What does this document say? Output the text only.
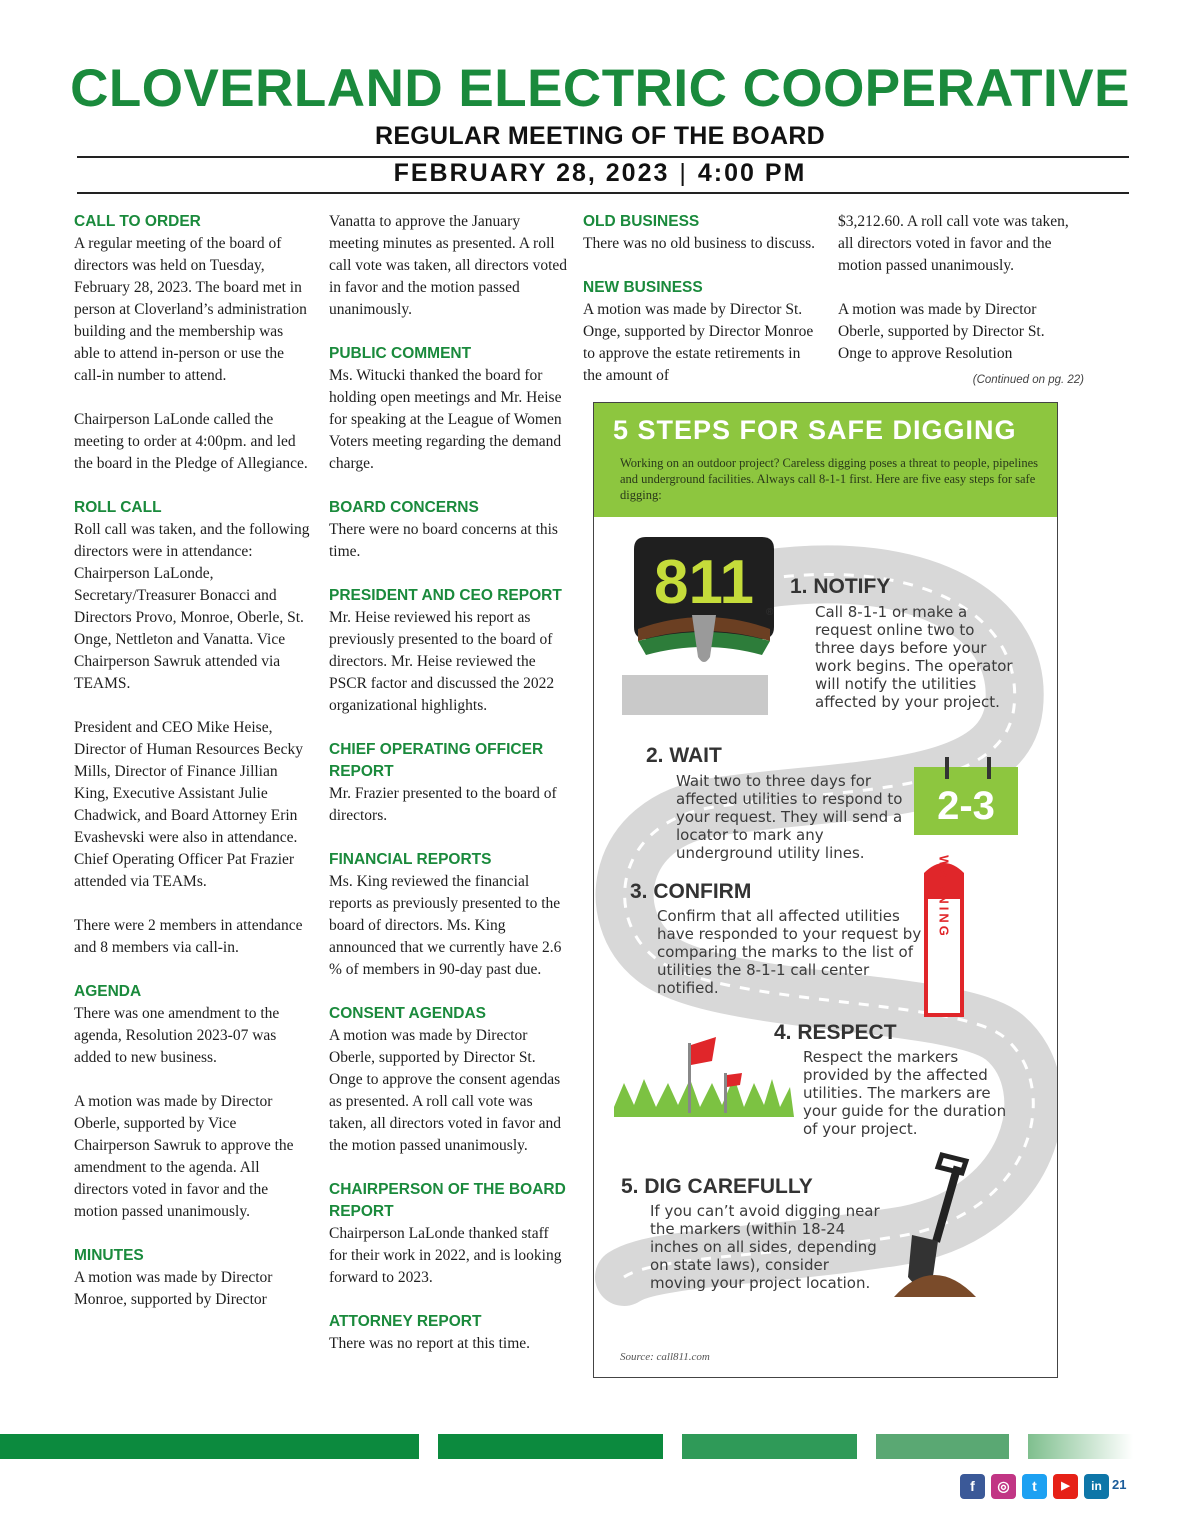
CLOVERLAND ELECTRIC COOPERATIVE
REGULAR MEETING OF THE BOARD
FEBRUARY 28, 2023 | 4:00 PM
CALL TO ORDER

A regular meeting of the board of directors was held on Tuesday, February 28, 2023. The board met in person at Cloverland’s administration building and the membership was able to attend in-person or use the call-in number to attend.

Chairperson LaLonde called the meeting to order at 4:00pm. and led the board in the Pledge of Allegiance.

ROLL CALL

Roll call was taken, and the following directors were in attendance: Chairperson LaLonde, Secretary/Treasurer Bonacci and Directors Provo, Monroe, Oberle, St. Onge, Nettleton and Vanatta. Vice Chairperson Sawruk attended via TEAMS.

President and CEO Mike Heise, Director of Human Resources Becky Mills, Director of Finance Jillian King, Executive Assistant Julie Chadwick, and Board Attorney Erin Evashevski were also in attendance. Chief Operating Officer Pat Frazier attended via TEAMs.

There were 2 members in attendance and 8 members via call-in.

AGENDA

There was one amendment to the agenda, Resolution 2023-07 was added to new business.

A motion was made by Director Oberle, supported by Vice Chairperson Sawruk to approve the amendment to the agenda. All directors voted in favor and the motion passed unanimously.

MINUTES

A motion was made by Director Monroe, supported by Director

Vanatta to approve the January meeting minutes as presented. A roll call vote was taken, all directors voted in favor and the motion passed unanimously.

PUBLIC COMMENT

Ms. Witucki thanked the board for holding open meetings and Mr. Heise for speaking at the League of Women Voters meeting regarding the demand charge.

BOARD CONCERNS

There were no board concerns at this time.

PRESIDENT AND CEO REPORT

Mr. Heise reviewed his report as previously presented to the board of directors. Mr. Heise reviewed the PSCR factor and discussed the 2022 organizational highlights.

CHIEF OPERATING OFFICER REPORT

Mr. Frazier presented to the board of directors.

FINANCIAL REPORTS

Ms. King reviewed the financial reports as previously presented to the board of directors. Ms. King announced that we currently have 2.6 % of members in 90-day past due.

CONSENT AGENDAS

A motion was made by Director Oberle, supported by Director St. Onge to approve the consent agendas as presented. A roll call vote was taken, all directors voted in favor and the motion passed unanimously.

CHAIRPERSON OF THE BOARD REPORT

Chairperson LaLonde thanked staff for their work in 2022, and is looking forward to 2023.

ATTORNEY REPORT

There was no report at this time.

OLD BUSINESS

There was no old business to discuss.

NEW BUSINESS

A motion was made by Director St. Onge, supported by Director Monroe to approve the estate retirements in the amount of

$3,212.60. A roll call vote was taken, all directors voted in favor and the motion passed unanimously.

A motion was made by Director Oberle, supported by Director St. Onge to approve Resolution

(Continued on pg. 22)
5 STEPS FOR SAFE DIGGING
Working on an outdoor project? Careless digging poses a threat to people, pipelines and underground facilities. Always call 8-1-1 first. Here are five easy steps for safe digging:
811 ®
2-3
WARNING
1. NOTIFY
Call 8-1-1 or make a request online two to three days before your work begins. The operator will notify the utilities affected by your project.
2. WAIT
Wait two to three days for affected utilities to respond to your request. They will send a locator to mark any underground utility lines.
3. CONFIRM
Confirm that all affected utilities have responded to your request by comparing the marks to the list of utilities the 8-1-1 call center notified.
4. RESPECT
Respect the markers provided by the affected utilities. The markers are your guide for the duration of your project.
5. DIG CAREFULLY
If you can’t avoid digging near the markers (within 18-24 inches on all sides, depending on state laws), consider moving your project location.
Source: call811.com
f	◎	t	▶	in 21
